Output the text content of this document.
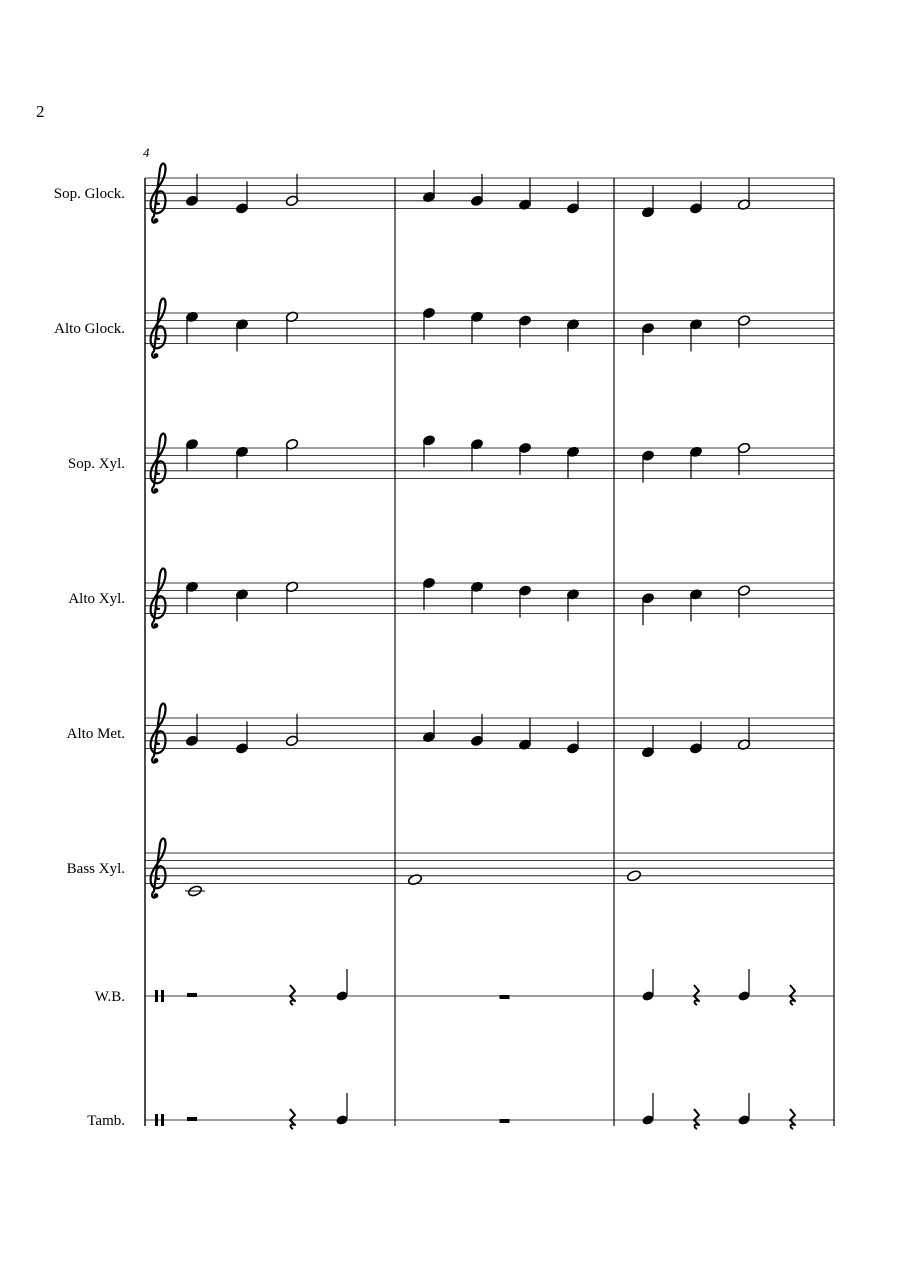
2
4
Sop. Glock.
Alto Glock.
Sop. Xyl.
Alto Xyl.
Alto Met.
Bass Xyl.
W.B.
Tamb.
